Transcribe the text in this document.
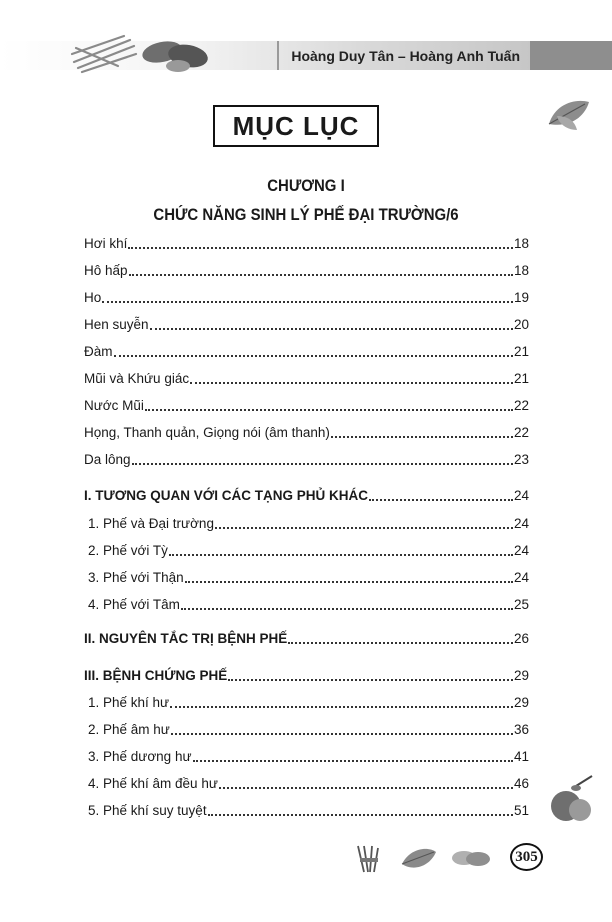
Hoàng Duy Tân – Hoàng Anh Tuấn
MỤC LỤC
CHƯƠNG I
CHỨC NĂNG SINH LÝ PHẾ ĐẠI TRƯỜNG/6
Hơi khí	18
Hô hấp	18
Ho	19
Hen suyễn	20
Đàm	21
Mũi và Khứu giác	21
Nước Mũi	22
Họng, Thanh quản, Giọng nói (âm thanh)	22
Da lông	23
I. TƯƠNG QUAN VỚI CÁC TẠNG PHỦ KHÁC	24
1. Phế và Đại trường	24
2. Phế với Tỳ	24
3. Phế với Thận	24
4. Phế với Tâm	25
II. NGUYÊN TẮC TRỊ BỆNH PHẾ	26
III. BỆNH CHỨNG PHẾ	29
1. Phế khí hư	29
2. Phế âm hư	36
3. Phế dương hư	41
4. Phế khí âm đều hư	46
5. Phế khí suy tuyệt	51
305
